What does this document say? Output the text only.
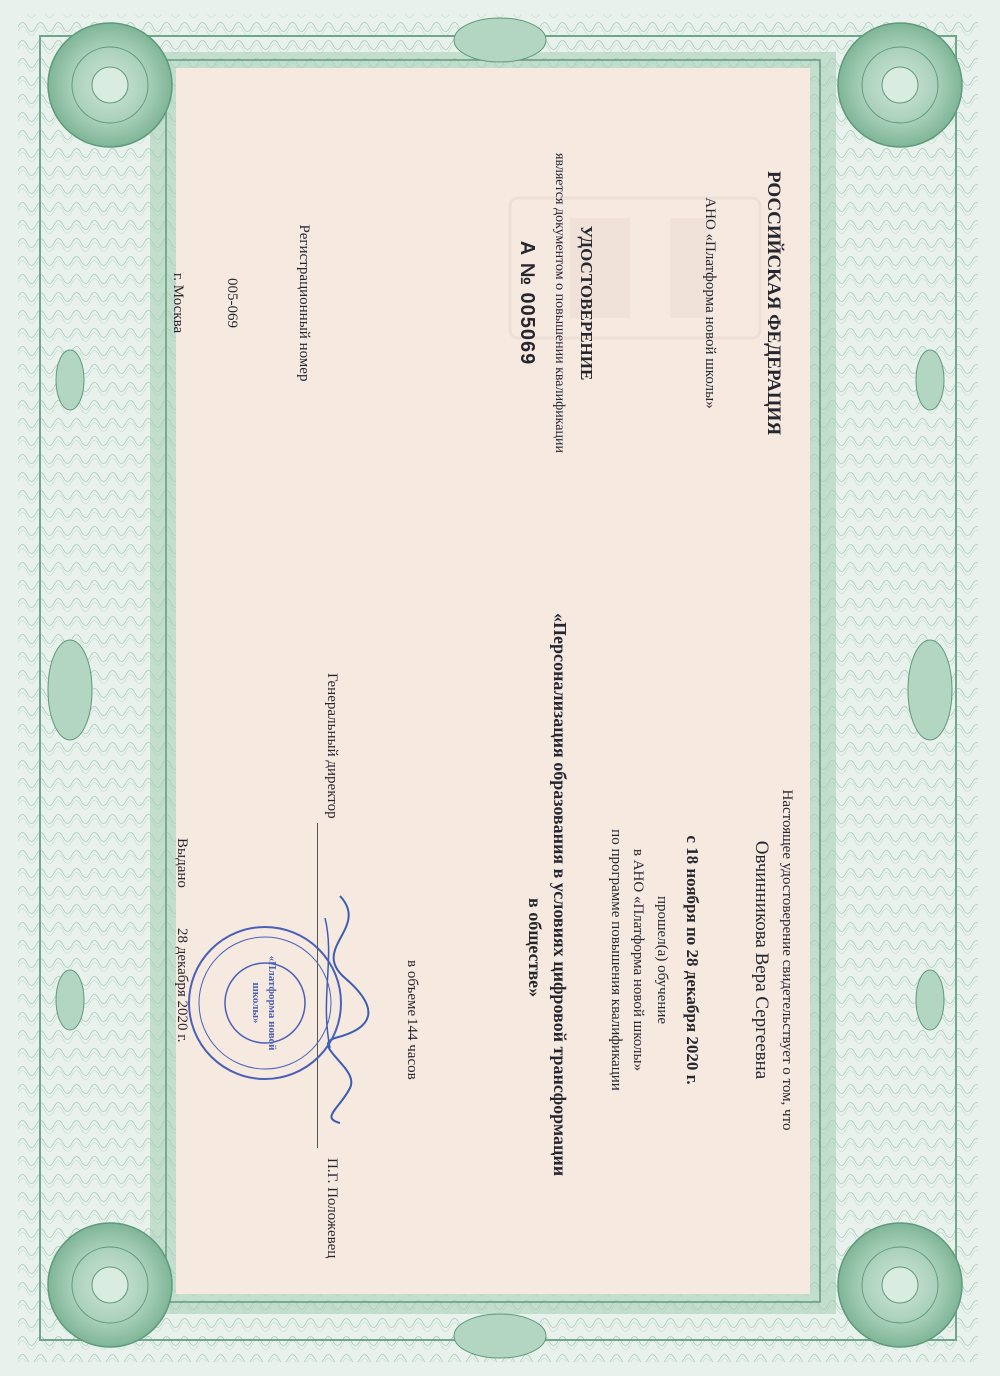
РОССИЙСКАЯ ФЕДЕРАЦИЯ
АНО «Платформа новой школы»
УДОСТОВЕРЕНИЕ
является документом о повышении квалификации
А № 005069
Регистрационный номер
005-069
г. Москва
Настоящее удостоверение свидетельствует о том, что
Овчинникова Вера Сергеевна
с 18 ноября по 28 декабря 2020 г.
прошел(а) обучение
в АНО «Платформа новой школы»
по программе повышения квалификации
«Персонализация образования в условиях цифровой трансформации
в обществе»
в объеме
144 часов
Генеральный директор
П.Г. Положевец
Выдано
28 декабря 2020 г.	«Платформа новой
школы»
